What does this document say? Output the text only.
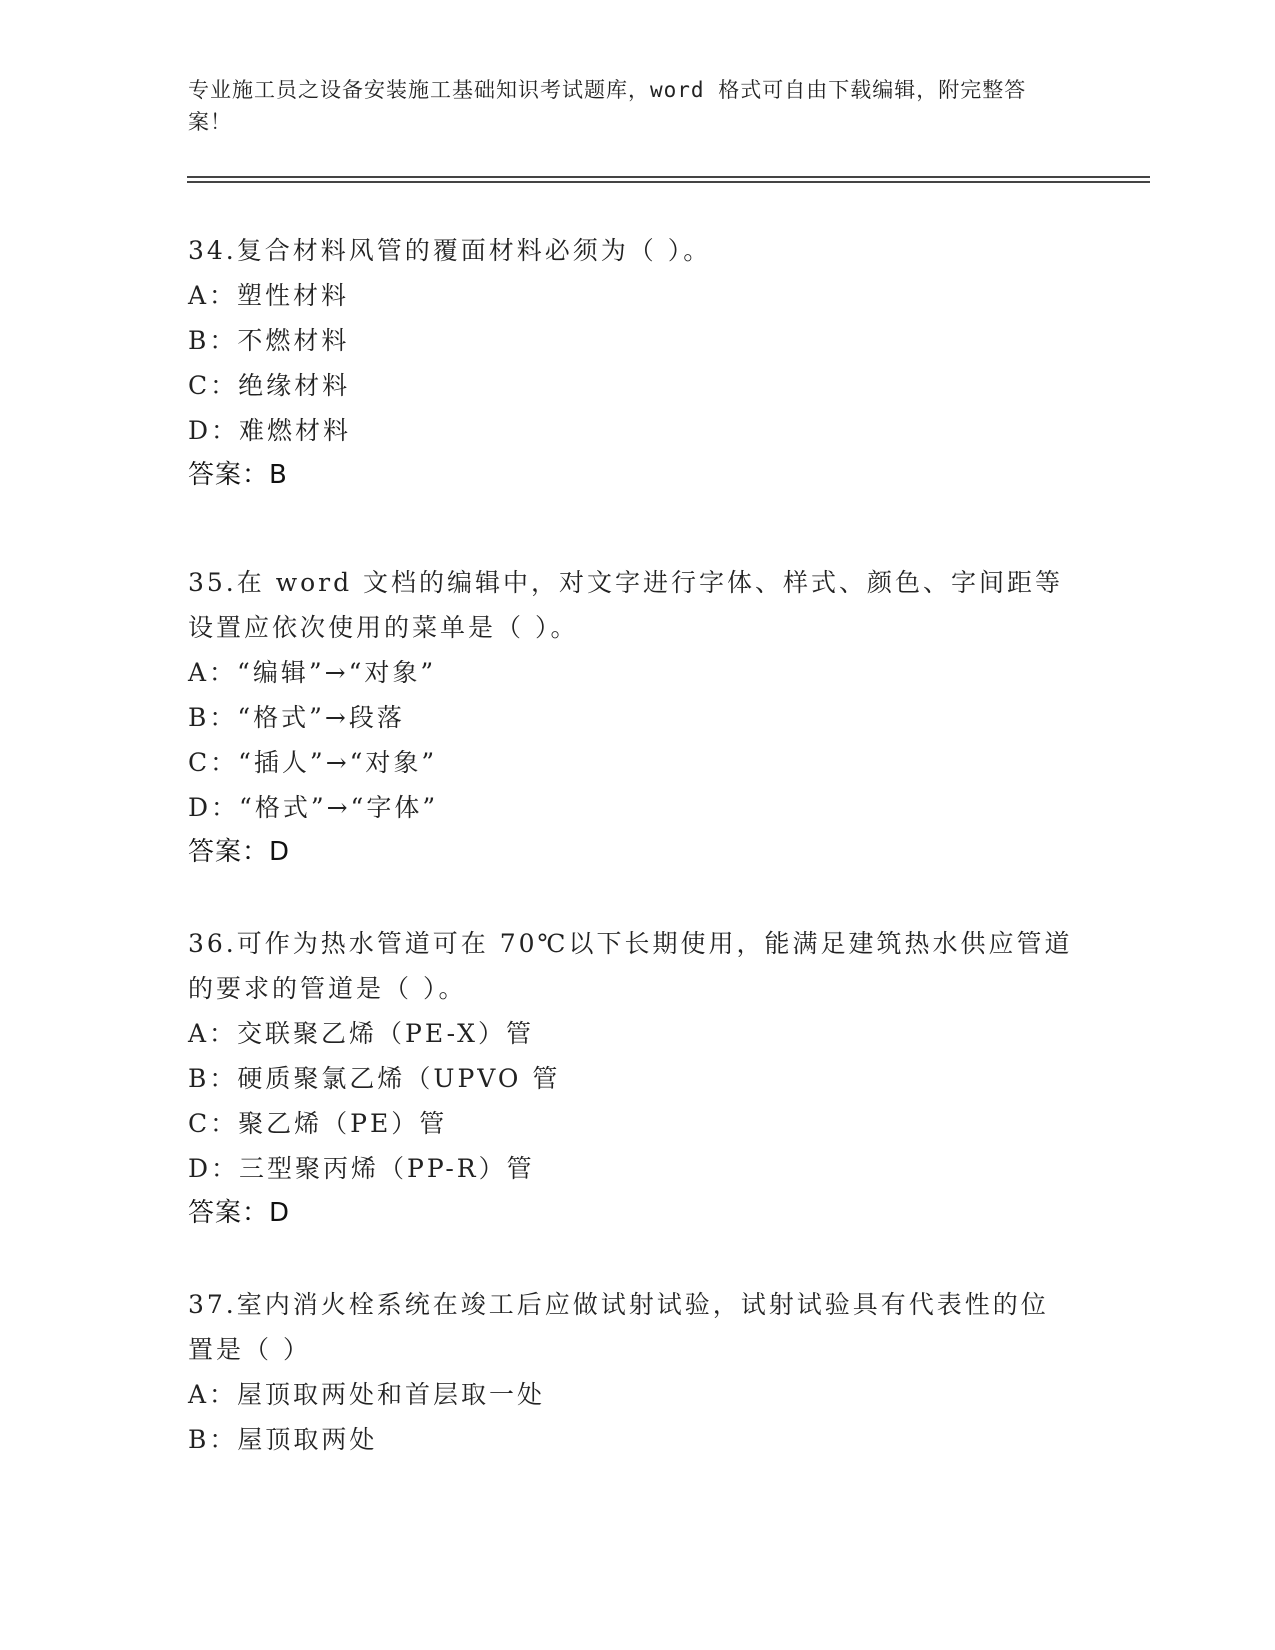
专业施工员之设备安装施工基础知识考试题库，word 格式可自由下载编辑，附完整答案！
34.复合材料风管的覆面材料必须为（ ）。
A：塑性材料
B：不燃材料
C：绝缘材料
D：难燃材料
答案：B
35.在 word 文档的编辑中，对文字进行字体、样式、颜色、字间距等
设置应依次使用的菜单是（ ）。
A：“编辑”→“对象”
B：“格式”→段落
C：“插人”→“对象”
D：“格式”→“字体”
答案：D
36.可作为热水管道可在 70℃以下长期使用，能满足建筑热水供应管道
的要求的管道是（ ）。
A：交联聚乙烯（PE-X）管
B：硬质聚氯乙烯（UPVO 管
C：聚乙烯（PE）管
D：三型聚丙烯（PP-R）管
答案：D
37.室内消火栓系统在竣工后应做试射试验，试射试验具有代表性的位
置是（ ）
A：屋顶取两处和首层取一处
B：屋顶取两处
